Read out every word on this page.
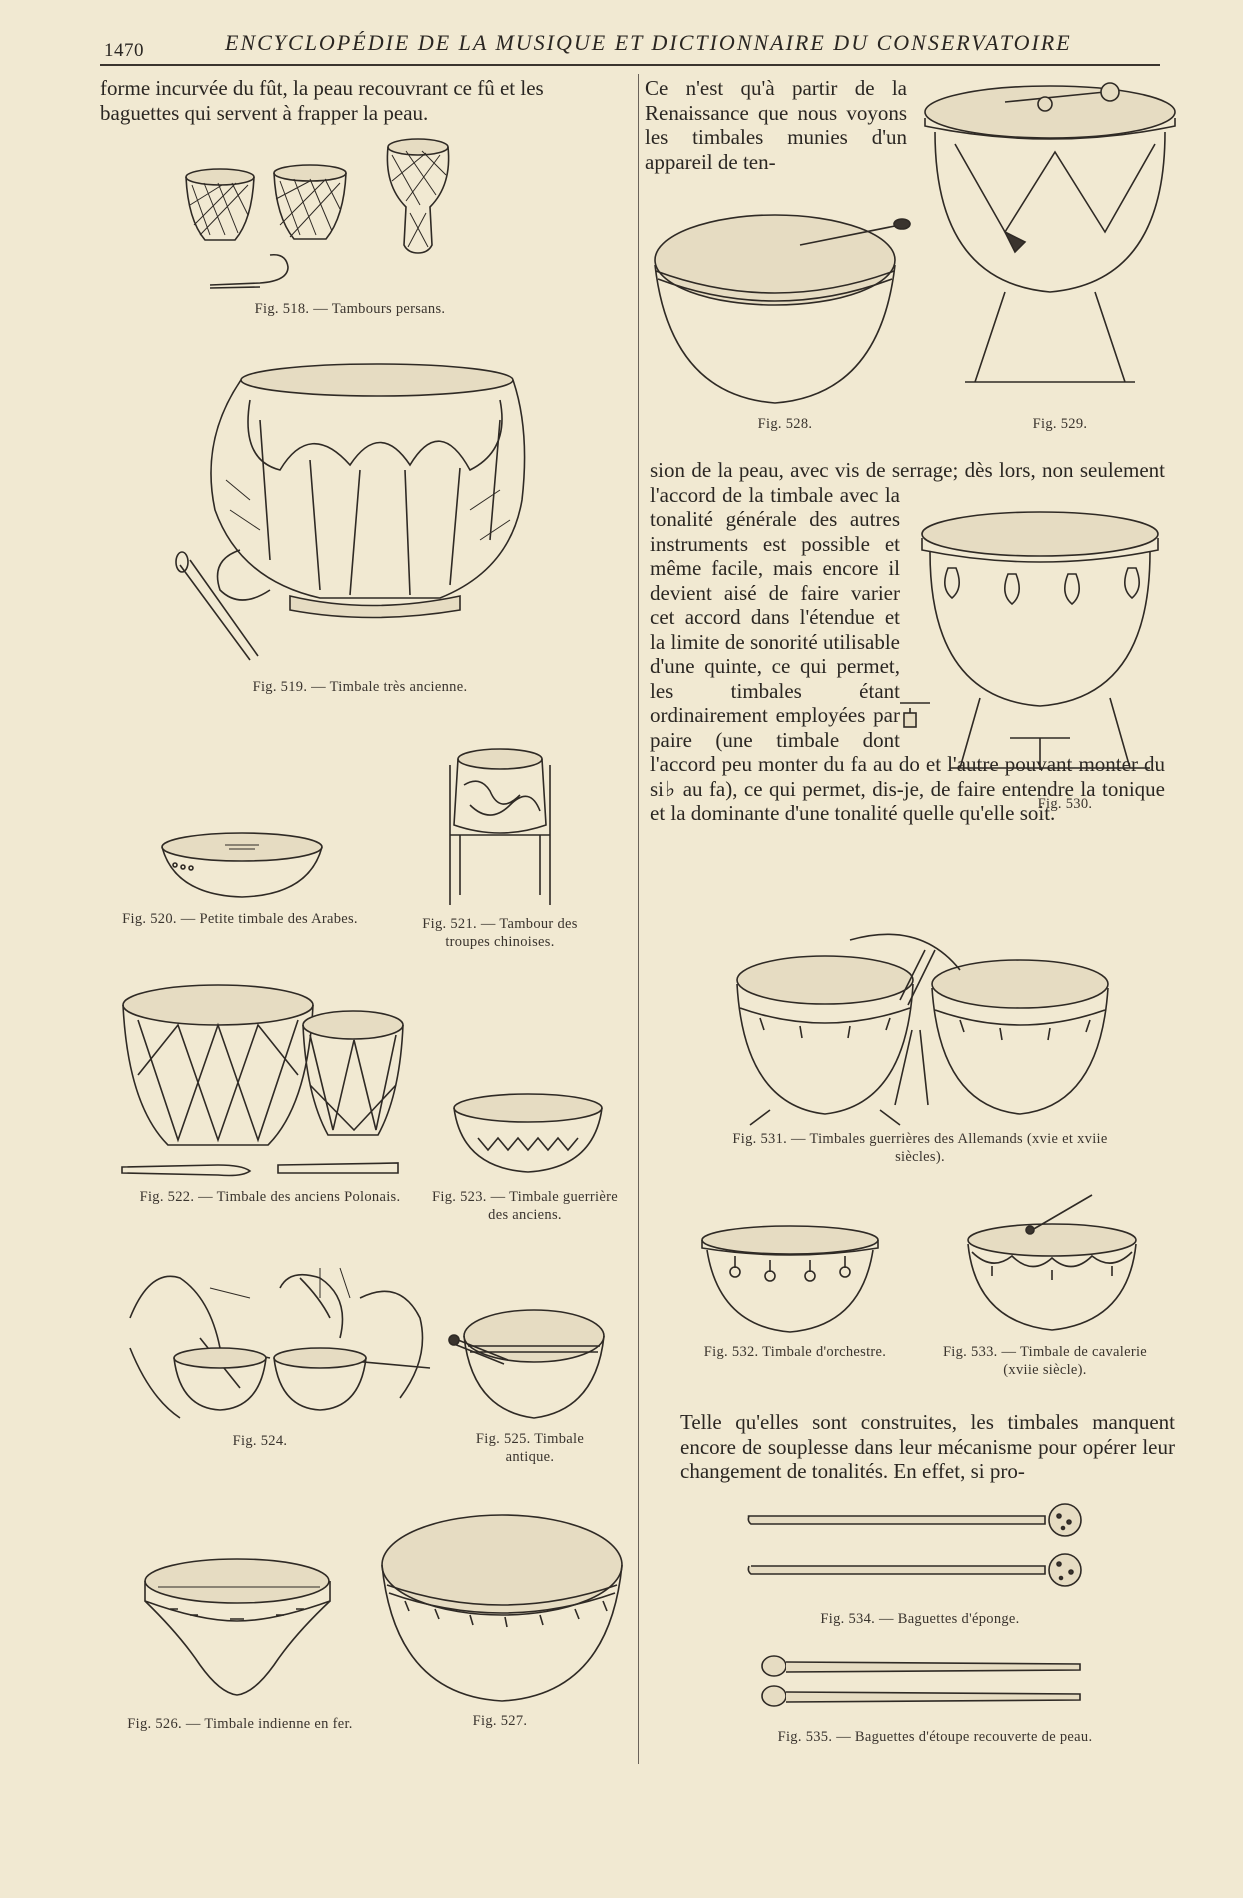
1470	ENCYCLOPÉDIE DE LA MUSIQUE ET DICTIONNAIRE DU CONSERVATOIRE
forme incurvée du fût, la peau recouvrant ce fû et les baguettes qui servent à frapper la peau.
Fig. 518. — Tambours persans.
Fig. 519. — Timbale très ancienne.
Fig. 520. — Petite timbale des Arabes.	Fig. 521. — Tambour des troupes chinoises.
Fig. 522. — Timbale des anciens Polonais.	Fig. 523. — Timbale guerrière des anciens.
Fig. 524.	Fig. 525. Timbale antique.
Fig. 526. — Timbale indienne en fer.	Fig. 527.
Ce n'est qu'à partir de la Renaissance que nous voyons les timbales munies d'un appareil de ten-
Fig. 528.	Fig. 529.
sion de la peau, avec vis de serrage; dès lors, non seulement l'accord de la timbale avec la tonalité générale des autres instruments est possible et même facile, mais encore il devient aisé de faire varier cet accord dans l'étendue et la limite de sonorité utilisable d'une quinte, ce qui permet, les timbales étant ordinairement employées par paire (une timbale dont l'accord peu monter du fa au do et l'autre pouvant monter du si♭ au fa), ce qui permet, dis-je, de faire entendre la tonique et la dominante d'une tonalité quelle qu'elle soit.
Fig. 530.
Fig. 531. — Timbales guerrières des Allemands (xvie et xviie siècles).
Fig. 532. Timbale d'orchestre.	Fig. 533. — Timbale de cavalerie (xviie siècle).
Telle qu'elles sont construites, les timbales manquent encore de souplesse dans leur mécanisme pour opérer leur changement de tonalités. En effet, si pro-
Fig. 534. — Baguettes d'éponge.
Fig. 535. — Baguettes d'étoupe recouverte de peau.
